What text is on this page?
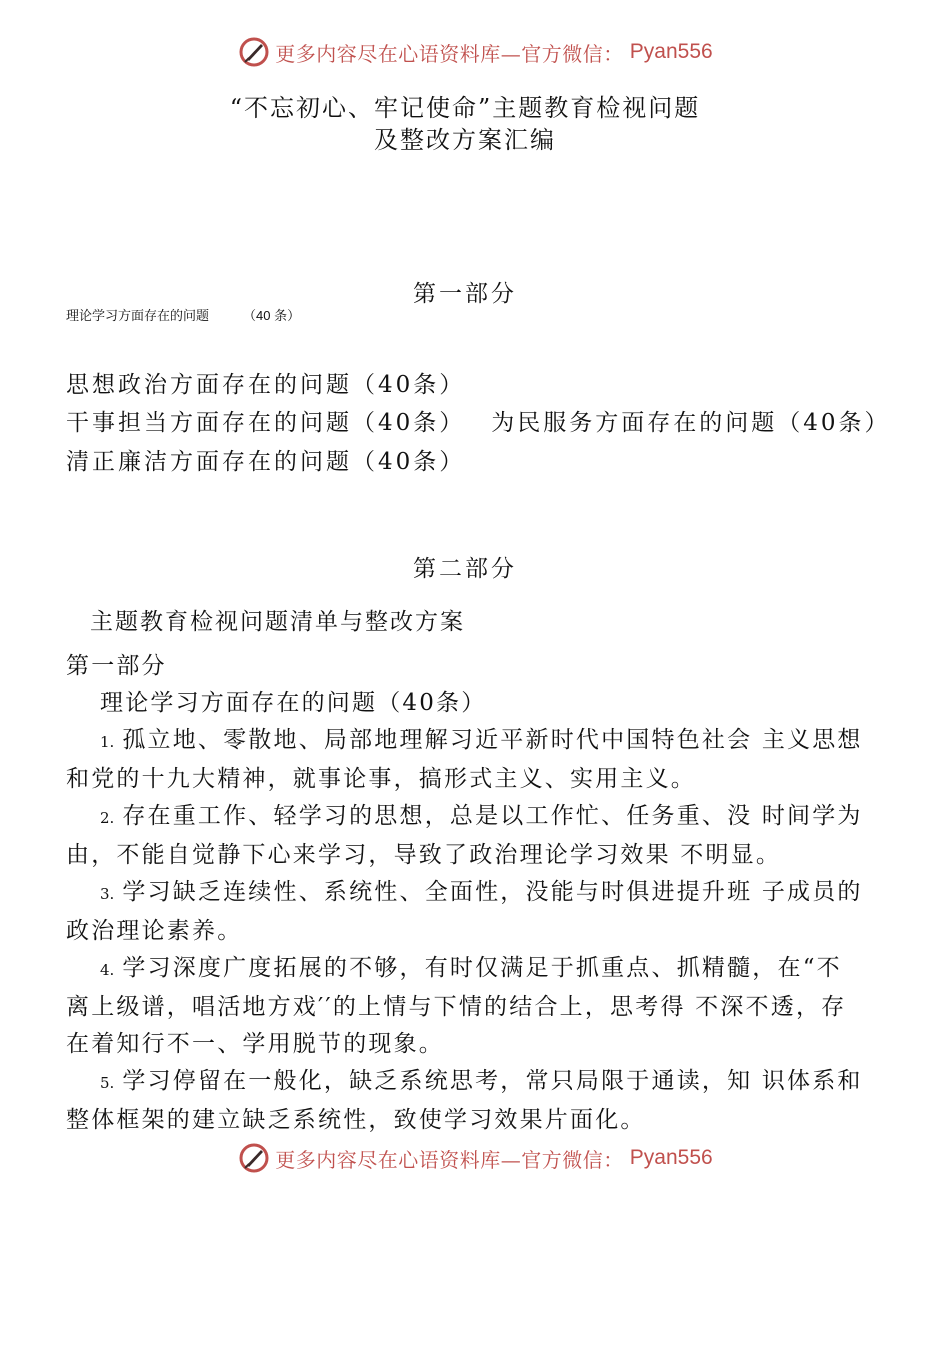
更多内容尽在心语资料库—官方微信： Pyan556
“不忘初心、牢记使命”主题教育检视问题
及整改方案汇编
第一部分
理论学习方面存在的问题	（40 条）
思想政治方面存在的问题（40条）
干事担当方面存在的问题（40条） 为民服务方面存在的问题（40条）
清正廉洁方面存在的问题（40条）
第二部分
主题教育检视问题清单与整改方案

第一部分

理论学习方面存在的问题（40条）

1. 孤立地、零散地、局部地理解习近平新时代中国特色社会 主义思想和党的十九大精神，就事论事，搞形式主义、实用主义。

2. 存在重工作、轻学习的思想，总是以工作忙、任务重、没 时间学为由，不能自觉静下心来学习，导致了政治理论学习效果 不明显。

3. 学习缺乏连续性、系统性、全面性，没能与时俱进提升班 子成员的政治理论素养。

4. 学习深度广度拓展的不够，有时仅满足于抓重点、抓精髓，在“不离上级谱，唱活地方戏′′的上情与下情的结合上，思考得 不深不透，存在着知行不一、学用脱节的现象。

5. 学习停留在一般化，缺乏系统思考，常只局限于通读，知 识体系和整体框架的建立缺乏系统性，致使学习效果片面化。

更多内容尽在心语资料库—官方微信： Pyan556
